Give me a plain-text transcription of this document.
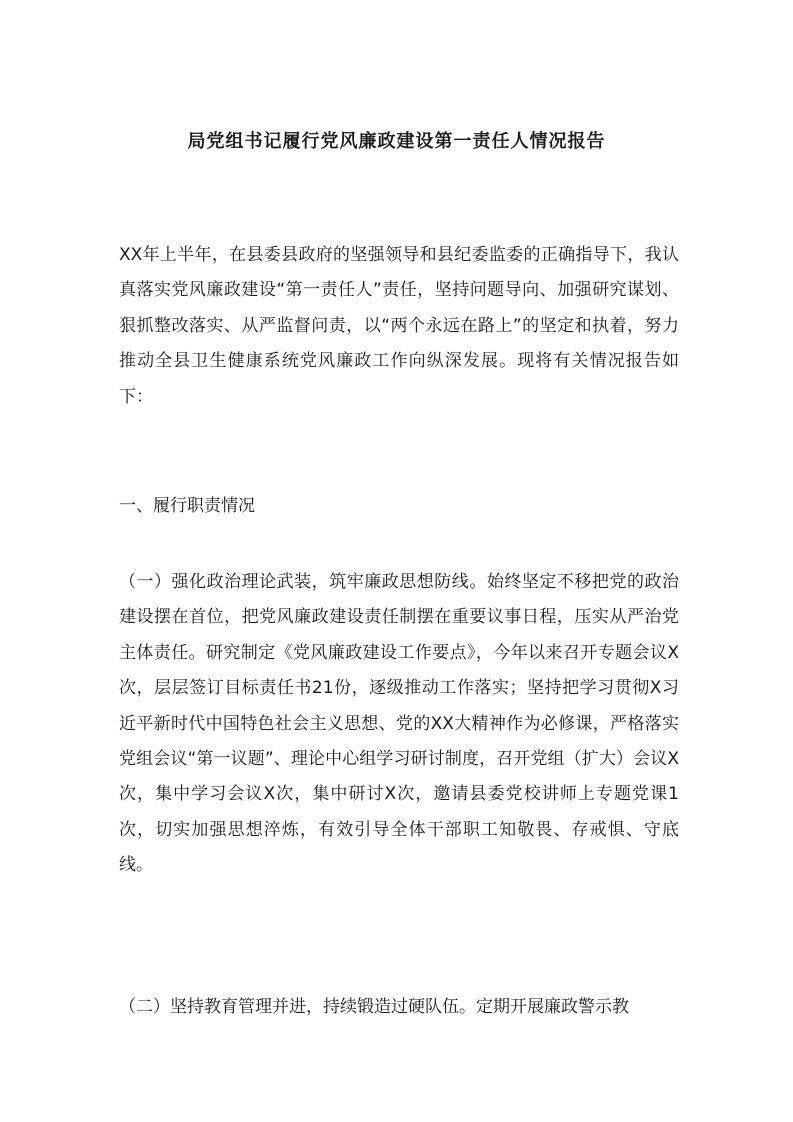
局党组书记履行党风廉政建设第一责任人情况报告

XX年上半年，在县委县政府的坚强领导和县纪委监委的正确指导下，我认真落实党风廉政建设“第一责任人”责任，坚持问题导向、加强研究谋划、狠抓整改落实、从严监督问责，以“两个永远在路上”的坚定和执着，努力推动全县卫生健康系统党风廉政工作向纵深发展。现将有关情况报告如下：

一、履行职责情况

（一）强化政治理论武装，筑牢廉政思想防线。始终坚定不移把党的政治建设摆在首位，把党风廉政建设责任制摆在重要议事日程，压实从严治党主体责任。研究制定《党风廉政建设工作要点》，今年以来召开专题会议X次，层层签订目标责任书21份，逐级推动工作落实；坚持把学习贯彻X习近平新时代中国特色社会主义思想、党的XX大精神作为必修课，严格落实党组会议“第一议题”、理论中心组学习研讨制度，召开党组（扩大）会议X次，集中学习会议X次，集中研讨X次，邀请县委党校讲师上专题党课1次，切实加强思想淬炼，有效引导全体干部职工知敬畏、存戒惧、守底线。

（二）坚持教育管理并进，持续锻造过硬队伍。定期开展廉政警示教
